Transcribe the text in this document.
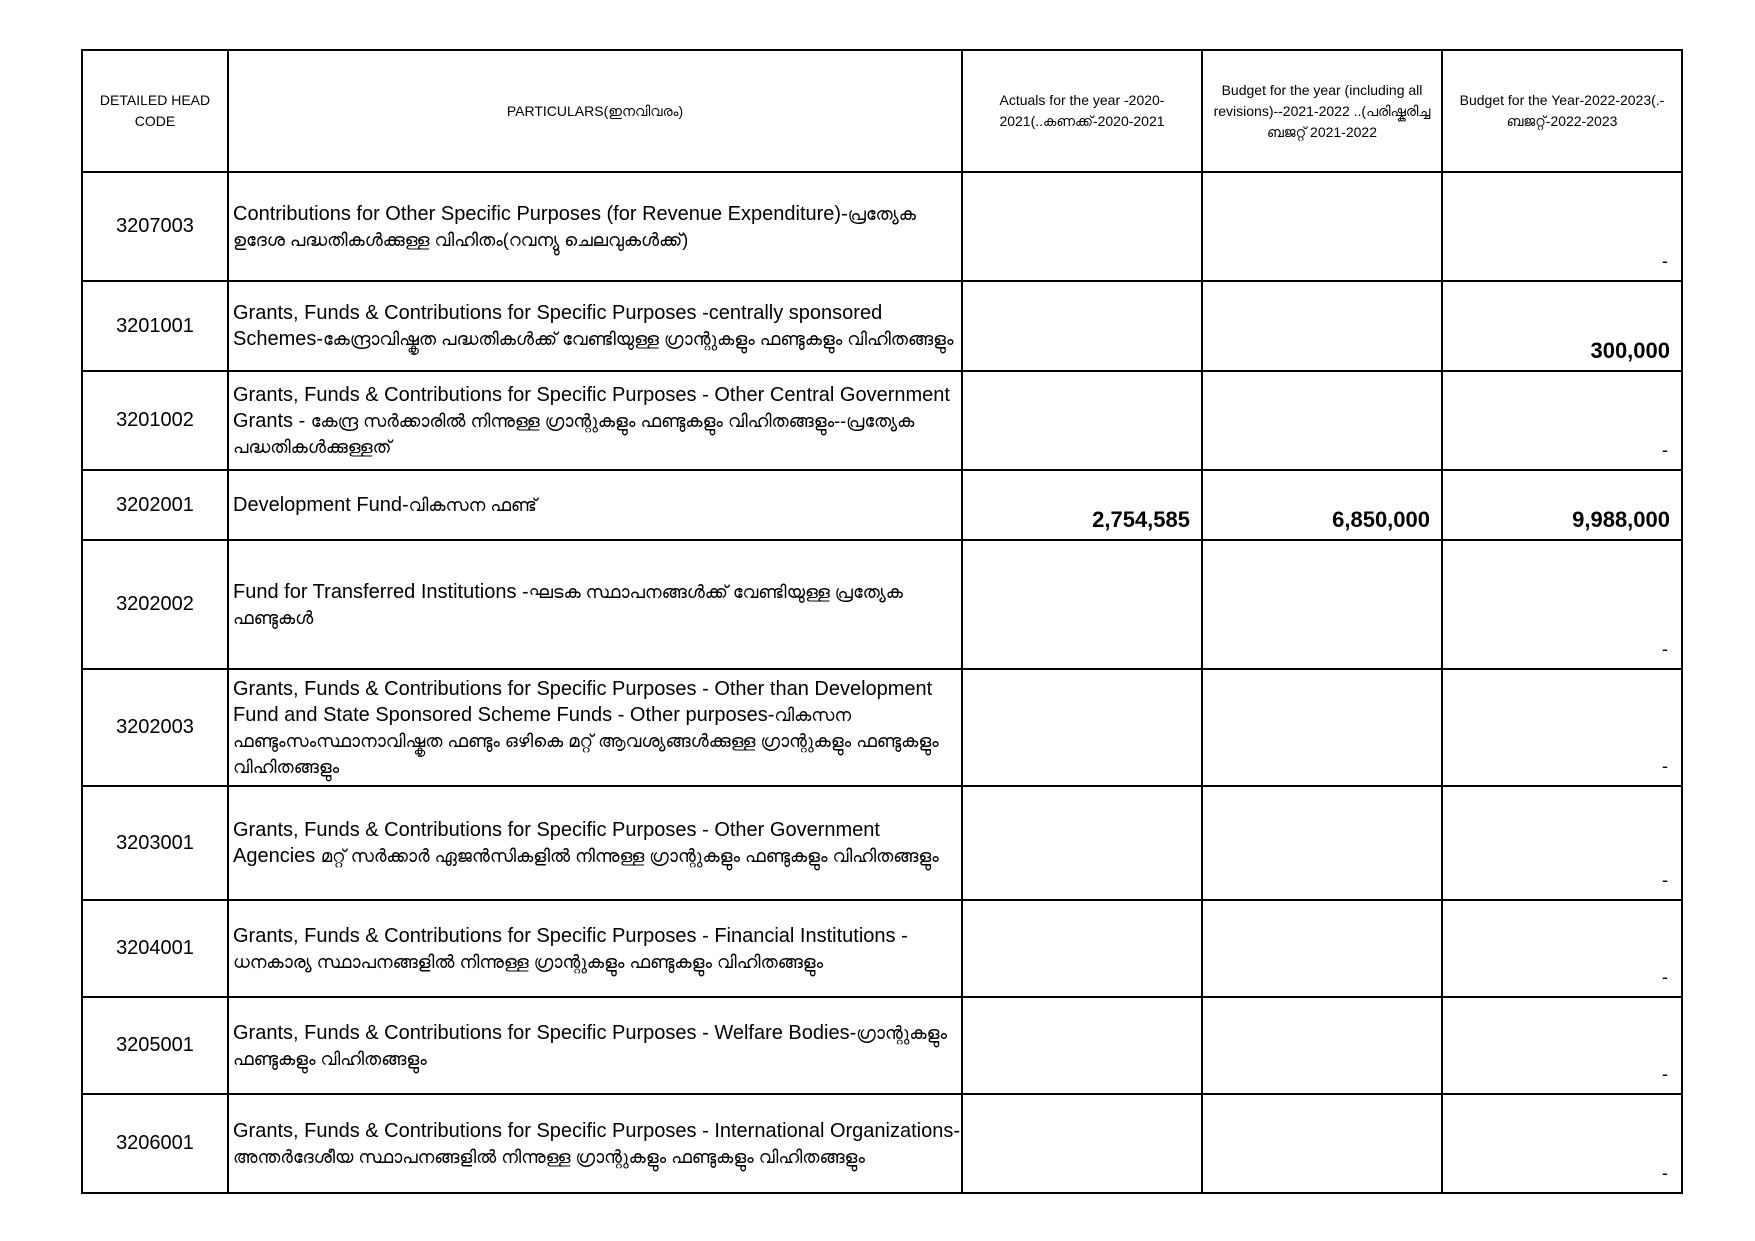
DETAILED HEAD CODE	PARTICULARS(ഇനവിവരം)	Actuals for the year -2020-2021(..കണക്ക്-2020-2021	Budget for the year (including all revisions)--2021-2022 ..(പരിഷ്കരിച്ച ബജറ്റ് 2021-2022	Budget for the Year-2022-2023(.-ബജറ്റ്-2022-2023
3207003	Contributions for Other Specific Purposes (for Revenue Expenditure)-പ്രത്യേക ഉദേശ പദ്ധതികൾക്കുള്ള വിഹിതം(റവന്യു ചെലവുകൾക്ക്)			-
3201001	Grants, Funds & Contributions for Specific Purposes -centrally sponsored Schemes-കേന്ദ്രാവിഷ്കൃത പദ്ധതികൾക്ക് വേണ്ടിയുള്ള ഗ്രാന്റുകളും ഫണ്ടുകളും വിഹിതങ്ങളും			300,000
3201002	Grants, Funds & Contributions for Specific Purposes - Other Central Government Grants - കേന്ദ്ര സർക്കാരിൽ നിന്നുള്ള ഗ്രാന്റുകളും ഫണ്ടുകളും വിഹിതങ്ങളും--പ്രത്യേക പദ്ധതികൾക്കുള്ളത്			-
3202001	Development Fund-വികസന ഫണ്ട്	2,754,585	6,850,000	9,988,000
3202002	Fund for Transferred Institutions -ഘടക സ്ഥാപനങ്ങൾക്ക് വേണ്ടിയുള്ള പ്രത്യേക ഫണ്ടുകൾ			-
3202003	Grants, Funds & Contributions for Specific Purposes - Other than Development Fund and State Sponsored Scheme Funds - Other purposes-വികസന ഫണ്ടുംസംസ്ഥാനാവിഷ്കൃത ഫണ്ടും ഒഴികെ മറ്റ് ആവശ്യങ്ങൾക്കുള്ള ഗ്രാന്റുകളും ഫണ്ടുകളും വിഹിതങ്ങളും			-
3203001	Grants, Funds & Contributions for Specific Purposes - Other Government Agencies മറ്റ് സർക്കാർ ഏജൻസികളിൽ നിന്നുള്ള ഗ്രാന്റുകളും ഫണ്ടുകളും വിഹിതങ്ങളും			-
3204001	Grants, Funds & Contributions for Specific Purposes - Financial Institutions - ധനകാര്യ സ്ഥാപനങ്ങളിൽ നിന്നുള്ള ഗ്രാന്റുകളും ഫണ്ടുകളും വിഹിതങ്ങളും			-
3205001	Grants, Funds & Contributions for Specific Purposes - Welfare Bodies-ഗ്രാന്റുകളും ഫണ്ടുകളും വിഹിതങ്ങളും			-
3206001	Grants, Funds & Contributions for Specific Purposes - International Organizations-അന്തർദേശീയ സ്ഥാപനങ്ങളിൽ നിന്നുള്ള ഗ്രാന്റുകളും ഫണ്ടുകളും വിഹിതങ്ങളും			-
